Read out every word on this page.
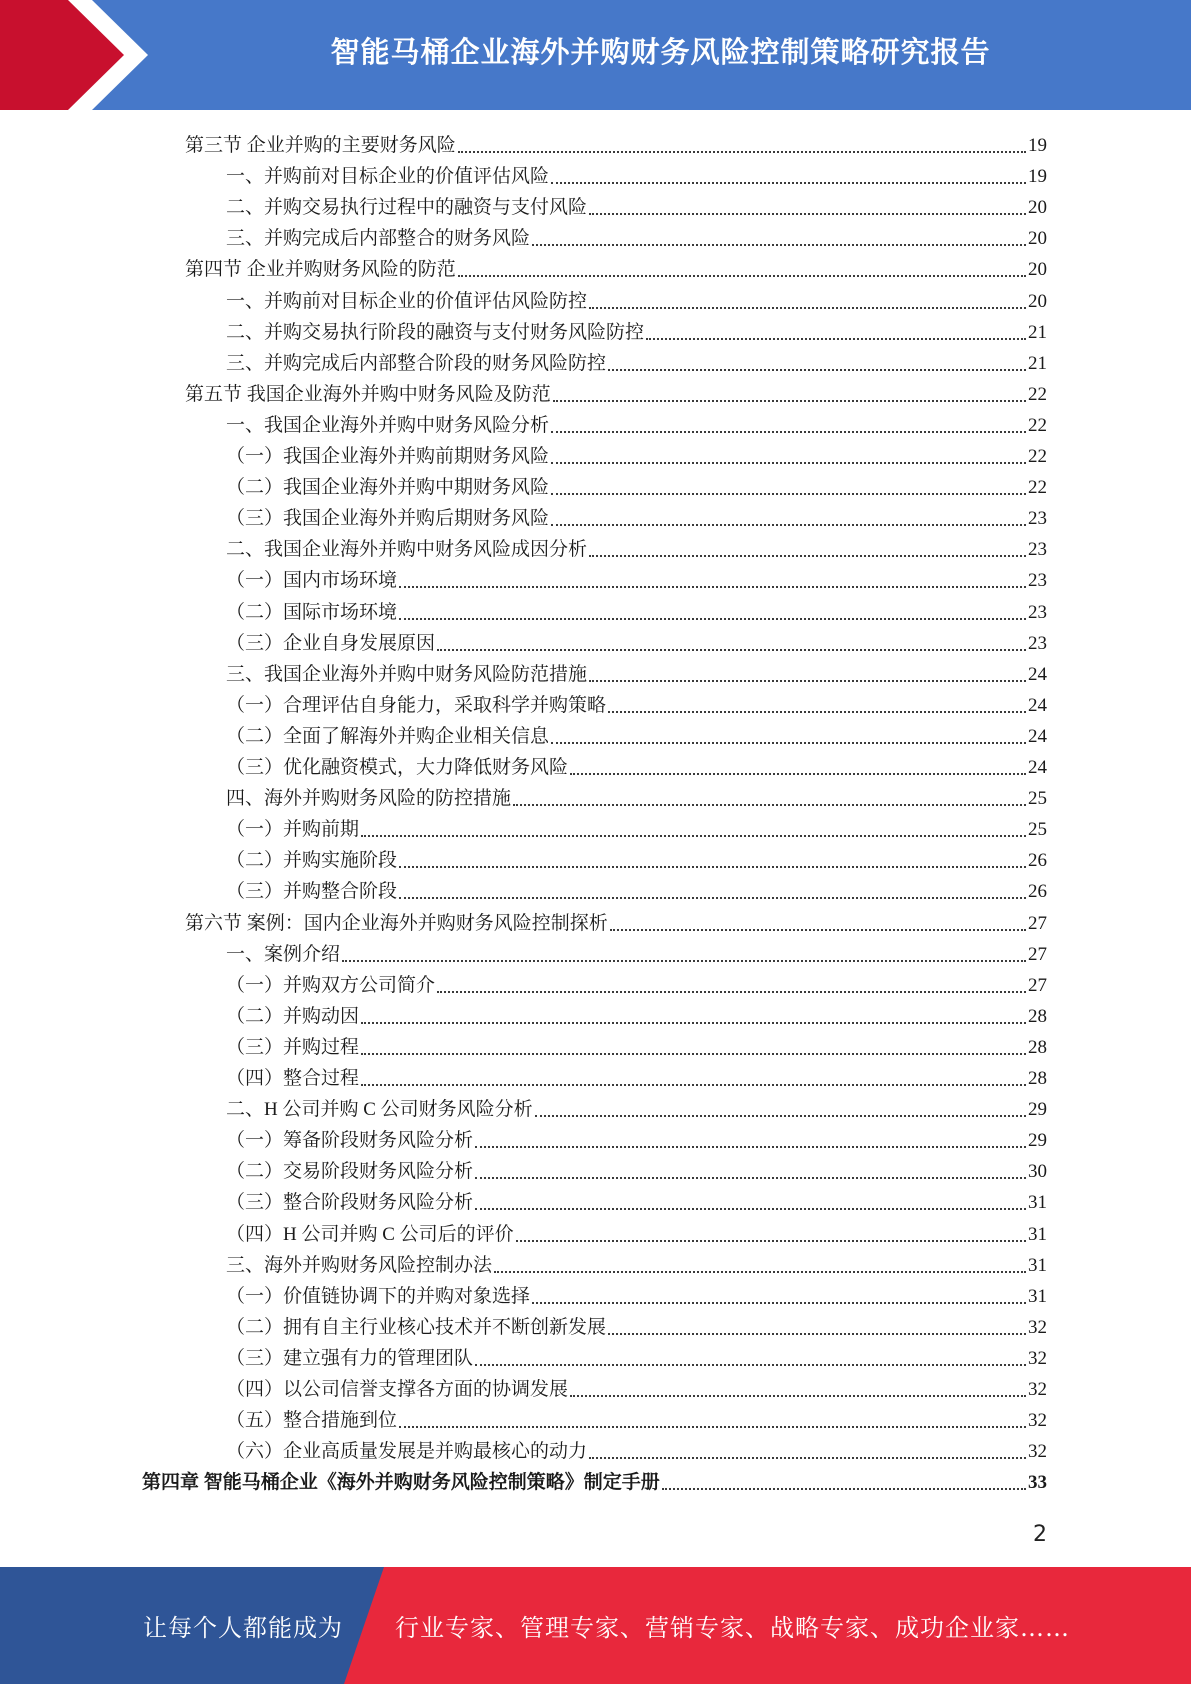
智能马桶企业海外并购财务风险控制策略研究报告
第三节 企业并购的主要财务风险	19
一、并购前对目标企业的价值评估风险	19
二、并购交易执行过程中的融资与支付风险	20
三、并购完成后内部整合的财务风险	20
第四节 企业并购财务风险的防范	20
一、并购前对目标企业的价值评估风险防控	20
二、并购交易执行阶段的融资与支付财务风险防控	21
三、并购完成后内部整合阶段的财务风险防控	21
第五节 我国企业海外并购中财务风险及防范	22
一、我国企业海外并购中财务风险分析	22
（一）我国企业海外并购前期财务风险	22
（二）我国企业海外并购中期财务风险	22
（三）我国企业海外并购后期财务风险	23
二、我国企业海外并购中财务风险成因分析	23
（一）国内市场环境	23
（二）国际市场环境	23
（三）企业自身发展原因	23
三、我国企业海外并购中财务风险防范措施	24
（一）合理评估自身能力，采取科学并购策略	24
（二）全面了解海外并购企业相关信息	24
（三）优化融资模式，大力降低财务风险	24
四、海外并购财务风险的防控措施	25
（一）并购前期	25
（二）并购实施阶段	26
（三）并购整合阶段	26
第六节 案例：国内企业海外并购财务风险控制探析	27
一、案例介绍	27
（一）并购双方公司简介	27
（二）并购动因	28
（三）并购过程	28
（四）整合过程	28
二、H 公司并购 C 公司财务风险分析	29
（一）筹备阶段财务风险分析	29
（二）交易阶段财务风险分析	30
（三）整合阶段财务风险分析	31
（四）H 公司并购 C 公司后的评价	31
三、海外并购财务风险控制办法	31
（一）价值链协调下的并购对象选择	31
（二）拥有自主行业核心技术并不断创新发展	32
（三）建立强有力的管理团队	32
（四）以公司信誉支撑各方面的协调发展	32
（五）整合措施到位	32
（六）企业高质量发展是并购最核心的动力	32
第四章 智能马桶企业《海外并购财务风险控制策略》制定手册	33
2
让每个人都能成为 行业专家、管理专家、营销专家、战略专家、成功企业家……
